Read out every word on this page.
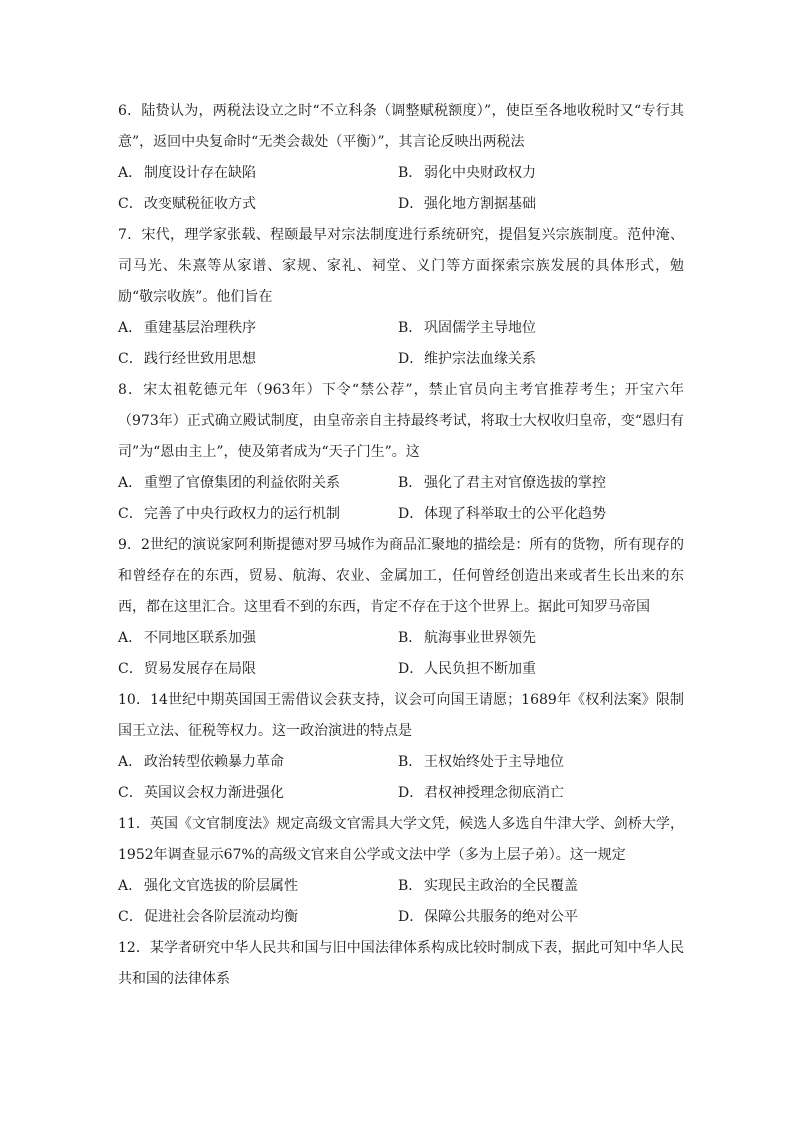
6．陆贽认为，两税法设立之时“不立科条（调整赋税额度）”，使臣至各地收税时又“专行其意”，返回中央复命时“无类会裁处（平衡）”，其言论反映出两税法

A． 制度设计存在缺陷	B． 弱化中央财政权力
C．改变赋税征收方式	D．强化地方割据基础

7．宋代，理学家张载、程颐最早对宗法制度进行系统研究，提倡复兴宗族制度。范仲淹、司马光、朱熹等从家谱、家规、家礼、祠堂、义门等方面探索宗族发展的具体形式，勉励“敬宗收族”。他们旨在

A． 重建基层治理秩序	B． 巩固儒学主导地位
C．践行经世致用思想	D．维护宗法血缘关系

8．宋太祖乾德元年（963年）下令“禁公荐”，禁止官员向主考官推荐考生；开宝六年（973年）正式确立殿试制度，由皇帝亲自主持最终考试，将取士大权收归皇帝，变“恩归有司”为“恩由主上”，使及第者成为“天子门生”。这

A． 重塑了官僚集团的利益依附关系	B． 强化了君主对官僚选拔的掌控
C．完善了中央行政权力的运行机制	D．体现了科举取士的公平化趋势

9．2世纪的演说家阿利斯提德对罗马城作为商品汇聚地的描绘是：所有的货物，所有现存的和曾经存在的东西，贸易、航海、农业、金属加工，任何曾经创造出来或者生长出来的东西，都在这里汇合。这里看不到的东西，肯定不存在于这个世界上。据此可知罗马帝国

A． 不同地区联系加强	B． 航海事业世界领先
C．贸易发展存在局限	D．人民负担不断加重

10．14世纪中期英国国王需借议会获支持，议会可向国王请愿；1689年《权利法案》限制国王立法、征税等权力。这一政治演进的特点是

A． 政治转型依赖暴力革命	B． 王权始终处于主导地位
C．英国议会权力渐进强化	D．君权神授理念彻底消亡

11．英国《文官制度法》规定高级文官需具大学文凭，候选人多选自牛津大学、剑桥大学，1952年调查显示67%的高级文官来自公学或文法中学（多为上层子弟）。这一规定

A． 强化文官选拔的阶层属性	B． 实现民主政治的全民覆盖
C．促进社会各阶层流动均衡	D．保障公共服务的绝对公平

12．某学者研究中华人民共和国与旧中国法律体系构成比较时制成下表，据此可知中华人民共和国的法律体系
